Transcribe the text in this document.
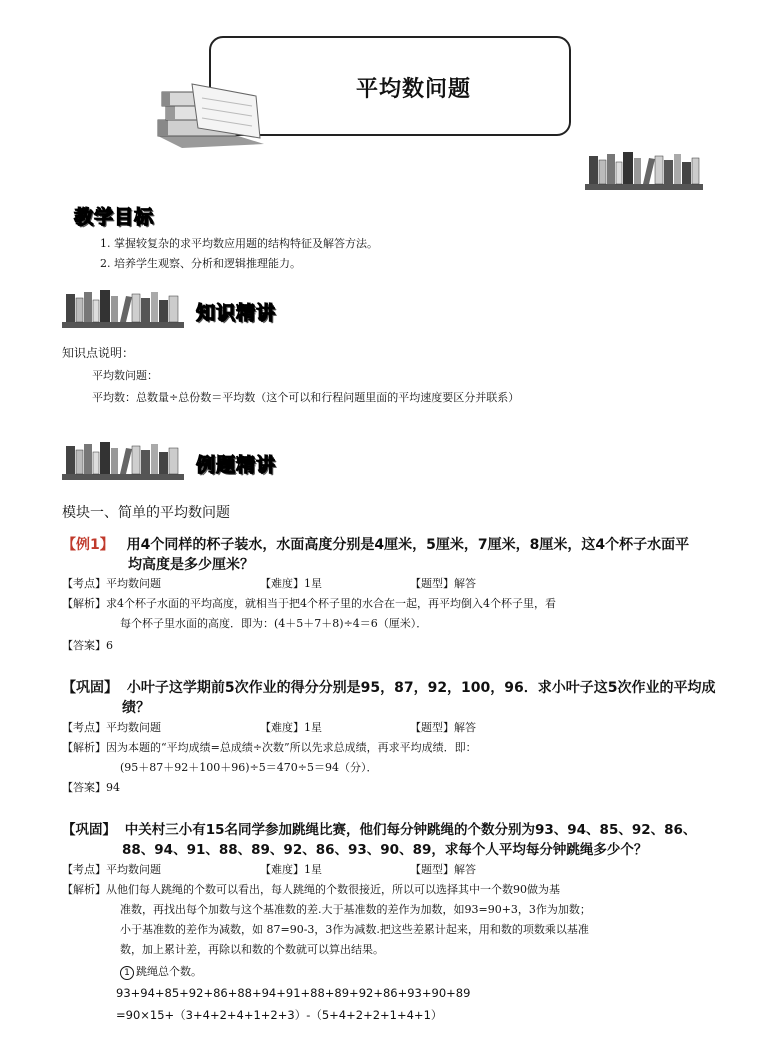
平均数问题
教学目标
1. 掌握较复杂的求平均数应用题的结构特征及解答方法。
2. 培养学生观察、分析和逻辑推理能力。
知识精讲
知识点说明：
平均数问题：
平均数：总数量÷总份数＝平均数（这个可以和行程问题里面的平均速度要区分并联系）
例题精讲
模块一、简单的平均数问题
【例1】 用4个同样的杯子装水，水面高度分别是4厘米，5厘米，7厘米，8厘米，这4个杯子水面平
均高度是多少厘米？
【考点】平均数问题	【难度】1星	【题型】解答
【解析】求4个杯子水面的平均高度，就相当于把4个杯子里的水合在一起，再平均倒入4个杯子里，看
每个杯子里水面的高度．即为：(4＋5＋7＋8)÷4＝6（厘米）．
【答案】6
【巩固】 小叶子这学期前5次作业的得分分别是95，87，92，100，96．求小叶子这5次作业的平均成
绩？
【考点】平均数问题	【难度】1星	【题型】解答
【解析】因为本题的“平均成绩=总成绩÷次数”所以先求总成绩，再求平均成绩．即：
(95＋87＋92＋100＋96)÷5＝470÷5＝94（分）．
【答案】94
【巩固】 中关村三小有15名同学参加跳绳比赛，他们每分钟跳绳的个数分别为93、94、85、92、86、
88、94、91、88、89、92、86、93、90、89，求每个人平均每分钟跳绳多少个？
【考点】平均数问题	【难度】1星	【题型】解答
【解析】从他们每人跳绳的个数可以看出，每人跳绳的个数很接近，所以可以选择其中一个数90做为基
准数，再找出每个加数与这个基准数的差.大于基准数的差作为加数，如93=90+3，3作为加数；
小于基准数的差作为减数，如 87=90-3，3作为减数.把这些差累计起来，用和数的项数乘以基准
数，加上累计差，再除以和数的个数就可以算出结果。
1 跳绳总个数。
93+94+85+92+86+88+94+91+88+89+92+86+93+90+89
=90×15+（3+4+2+4+1+2+3）-（5+4+2+2+1+4+1）
